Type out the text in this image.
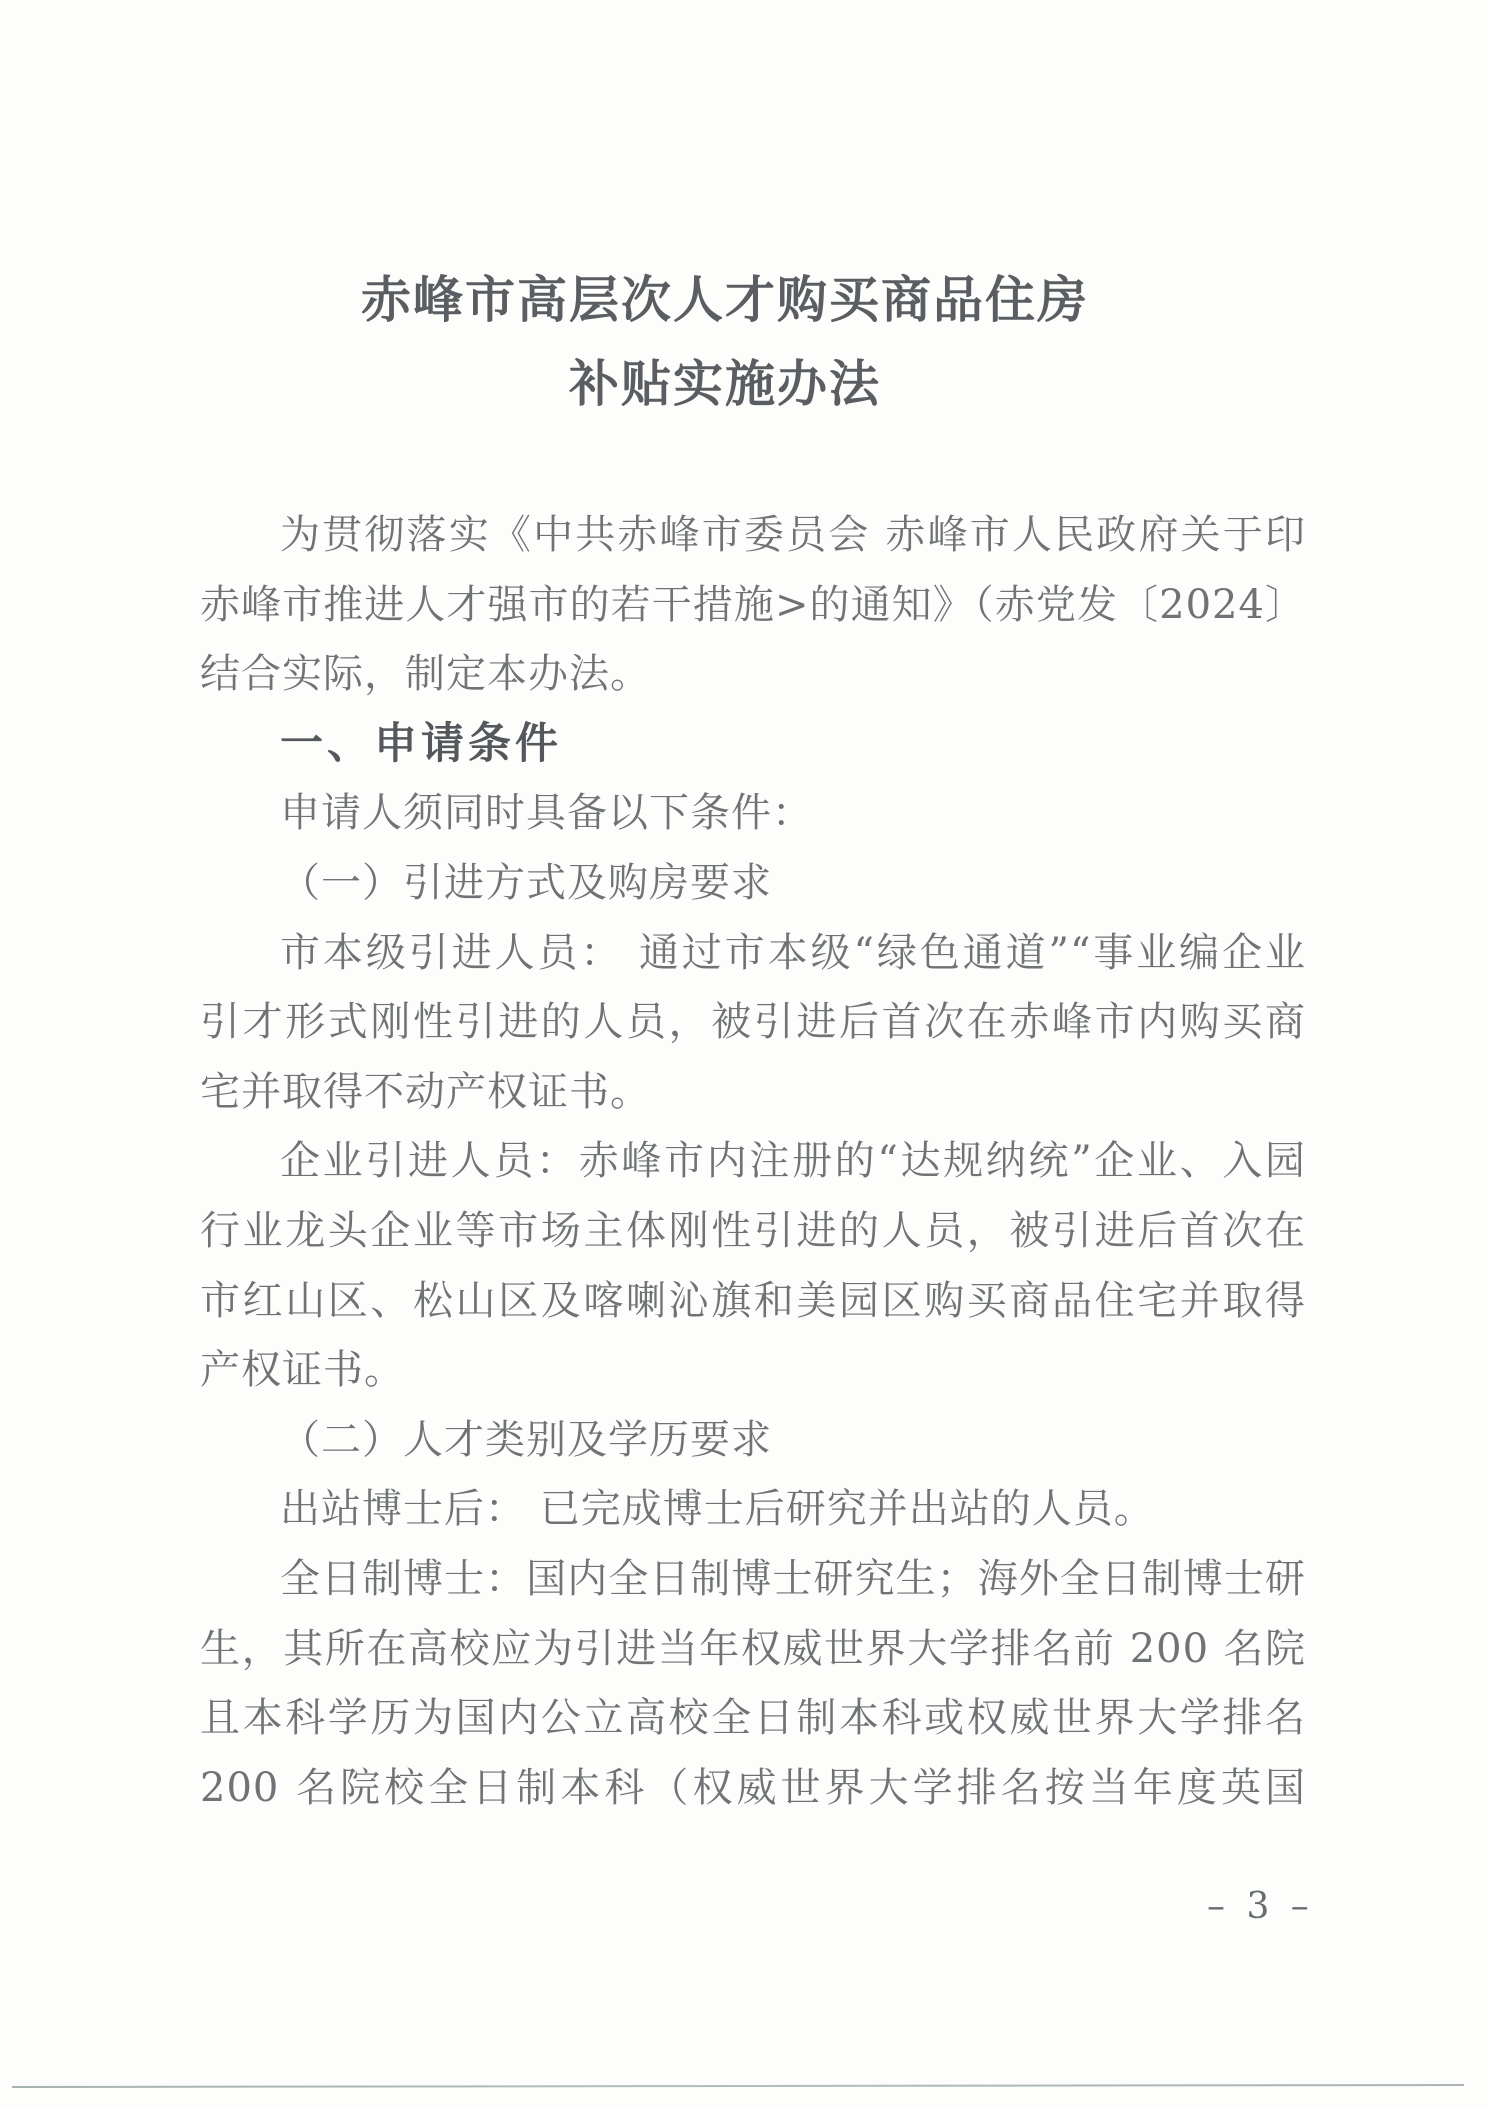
赤峰市高层次人才购买商品住房
补贴实施办法
为贯彻落实《中共赤峰市委员会 赤峰市人民政府关于印
赤峰市推进人才强市的若干措施>的通知》（赤党发〔2024〕
结合实际，制定本办法。
一、申请条件
申请人须同时具备以下条件：
（一）引进方式及购房要求
市本级引进人员： 通过市本级“绿色通道”“事业编企业
引才形式刚性引进的人员，被引进后首次在赤峰市内购买商
宅并取得不动产权证书。
企业引进人员：赤峰市内注册的“达规纳统”企业、入园
行业龙头企业等市场主体刚性引进的人员，被引进后首次在
市红山区、松山区及喀喇沁旗和美园区购买商品住宅并取得
产权证书。
（二）人才类别及学历要求
出站博士后： 已完成博士后研究并出站的人员。
全日制博士：国内全日制博士研究生；海外全日制博士研
生，其所在高校应为引进当年权威世界大学排名前 200 名院
且本科学历为国内公立高校全日制本科或权威世界大学排名
200 名院校全日制本科（权威世界大学排名按当年度英国
– 3 –
